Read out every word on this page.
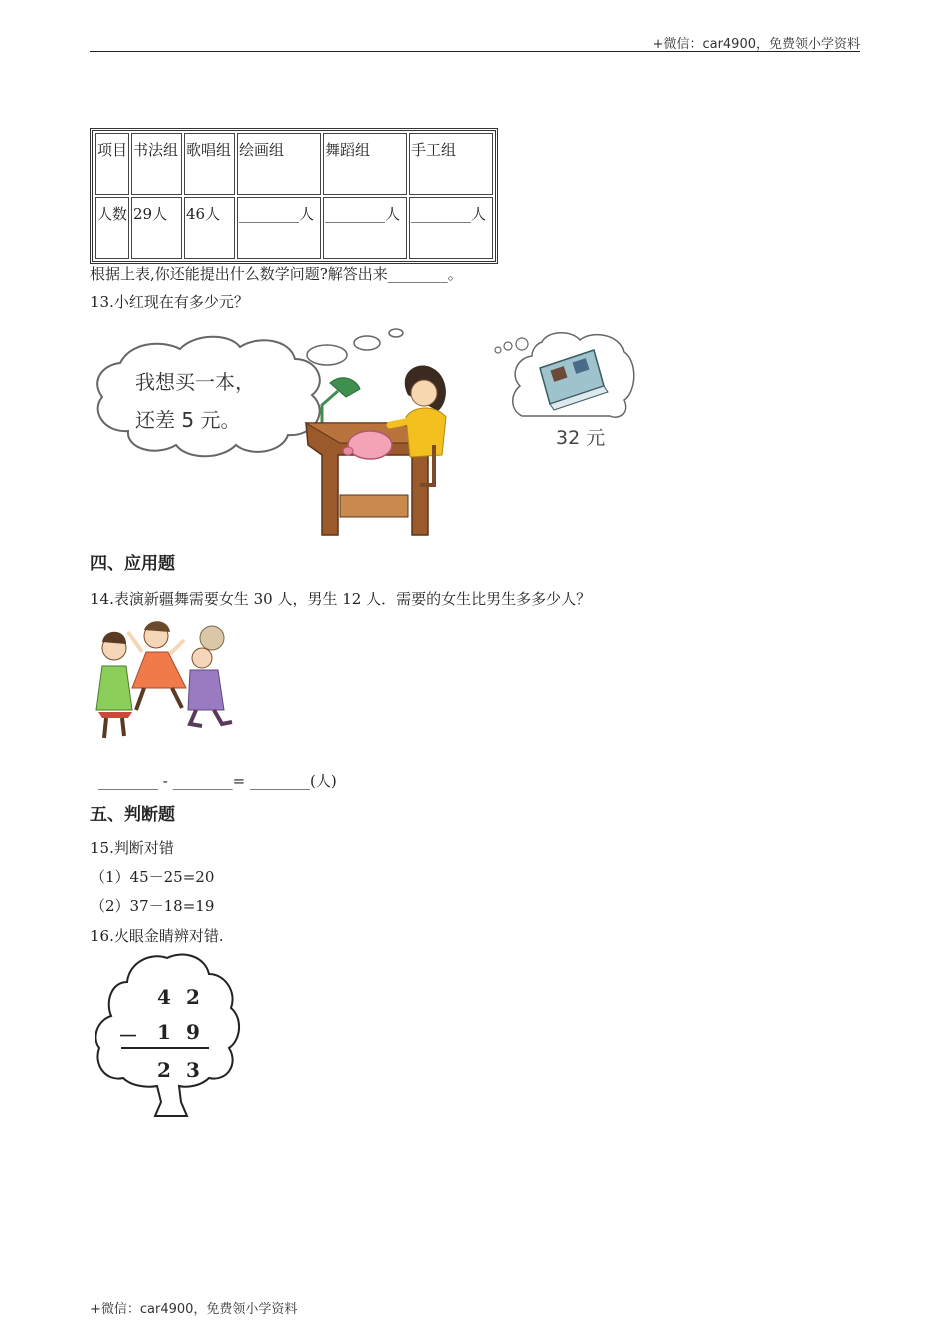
+微信：car4900，免费领小学资料
项目	书法组	歌唱组	绘画组	舞蹈组	手工组
人数	29人	46人	________人	________人	________人
根据上表,你还能提出什么数学问题?解答出来________。
13.小红现在有多少元？
我想买一本，
还差 5 元。
32 元
四、应用题
14.表演新疆舞需要女生 30 人，男生 12 人．需要的女生比男生多多少人？
________ - ________= ________(人)
五、判断题
15.判断对错
（1）45－25=20
（2）37－18=19
16.火眼金睛辨对错.
4 2
－ 1 9
2 3
+微信：car4900，免费领小学资料
